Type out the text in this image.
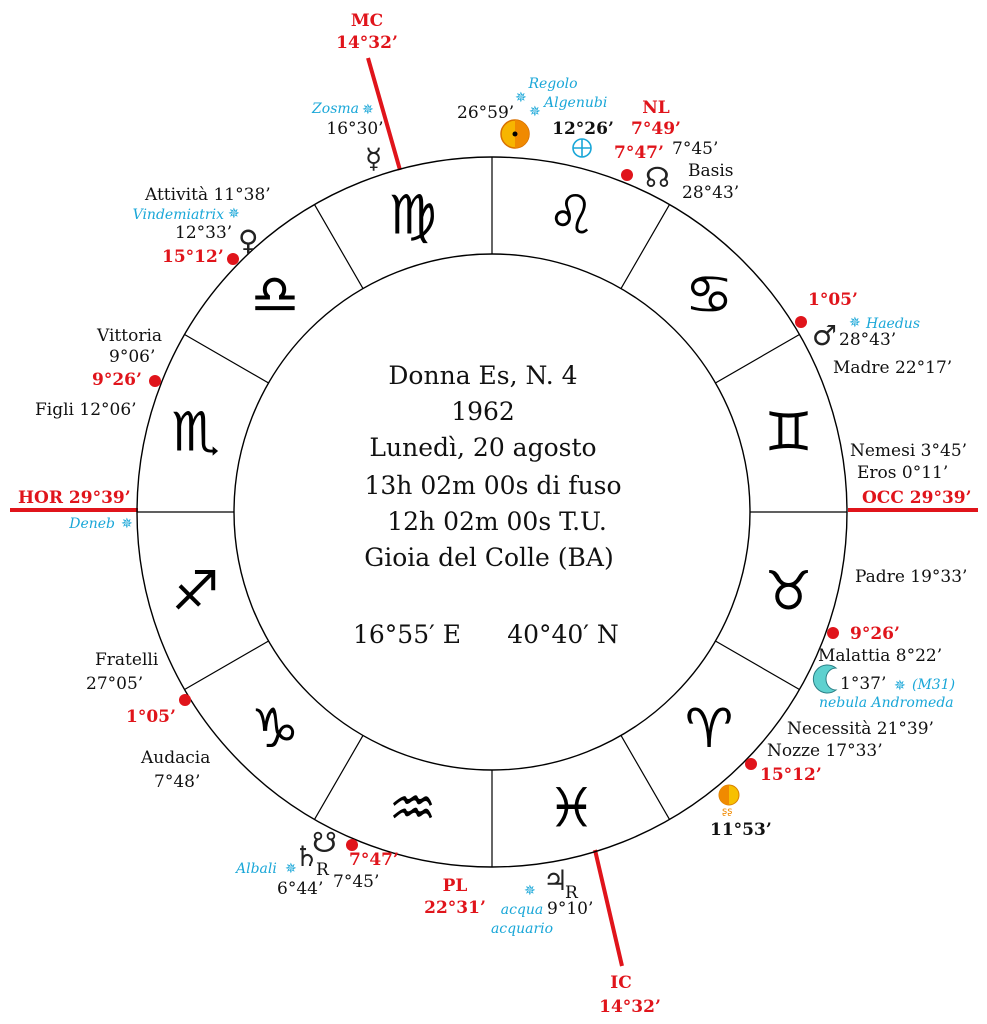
♉
♊
♋
♌
♍
♎
♏
♐
♑
♒ ♓
♈
Donna Es, N. 4
1962
Lunedì, 20 agosto
13h 02m 00s di fuso
12h 02m 00s T.U.
Gioia del Colle (BA)
16°55′ E 40°40′ N
MC
14°32’
IC
14°32’
HOR 29°39’	OCC 29°39’
✵
✵
✵
✵
✵
✵
✵
✵
✵
☿
♀
♂
☊
♄
☋
♃
ʂʂ
Zosma
16°30’
Regolo
Algenubi
26°59’
12°26’
NL
7°49’
7°47’ 7°45’
Basis
28°43’
Attività 11°38’
Vindemiatrix
12°33’
15°12’
Vittoria
9°06’
9°26’
Figli 12°06’
1°05’
Haedus
28°43’
Madre 22°17’
Nemesi 3°45’
Eros 0°11’
Deneb
Padre 19°33’
9°26’
Malattia 8°22’
1°37’ (M31)
nebula Andromeda
Necessità 21°39’
Nozze 17°33’
15°12’
11°53’
Fratelli
27°05’
1°05’
Audacia
7°48’
Albali R
6°44’ 7°45’
7°47’
PL
22°31’
R
acqua
acquario
9°10’
